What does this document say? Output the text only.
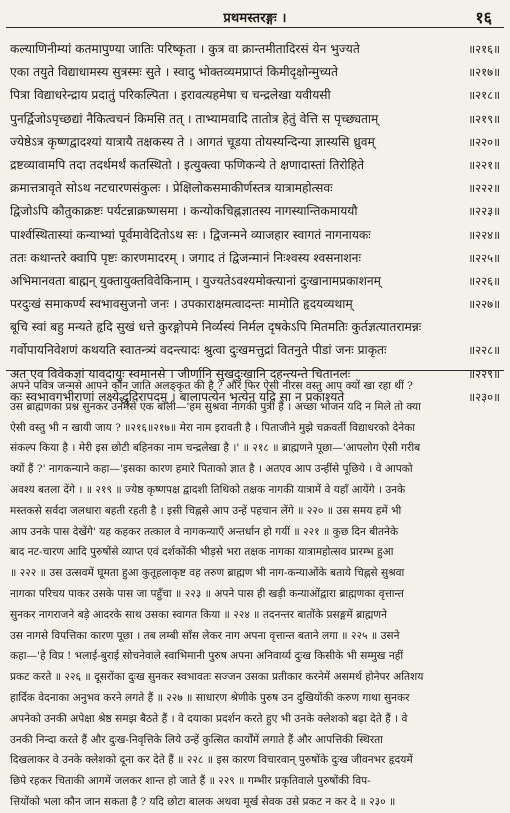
प्रथमस्तरङ्गः ।	१६
कल्याणिनीम्यां कतमापुण्या जातिः परिष्कृता । कुत्र वा क्रान्तमीतादिरसं येन भुज्यते	॥२१६॥
एका तयुते विद्याधामस्य सुत्रस्मः सुते । स्वादु भोक्तव्यमप्राप्तं किमीदृक्षोन्मुच्यते	॥२१७॥
पित्रा विद्याधरेन्द्राय प्रदातुं परिकल्पिता । इरावत्यहमेषा च चन्द्रलेखा यवीयसी	॥२१८॥
पुनर्द्विजोऽपृच्छद्यां नैकित्वचनं किमसि तत् । ताभ्यामवादि तातोत्र हेतुं वेत्ति स पृच्छ्यताम्	॥२१९॥
ज्येष्ठेऽत्र कृष्णद्वादश्यां यात्रायै तक्षकस्य ते । आगतं चूडया तोयस्यन्दिन्या ज्ञास्यसि ध्रुवम्	॥२२०॥
द्रष्टव्यावामपि तदा तदर्थमर्थं कतस्थितो । इत्युक्त्वा फणिकन्ये ते क्षणादास्तां तिरोहिते	॥२२१॥
क्रमात्तत्रावृते सोऽथ नटचारणसंकुलः । प्रेक्षिलोकसमाकीर्णस्तत्र यात्रामहोत्सवः	॥२२२॥
द्विजोऽपि कौतुकाक्रष्टः पर्यटन्नाक्रष्णसमा । कन्योकचिह्नज्ञातस्य नागस्यान्तिकमाययौ	॥२२३॥
पार्श्वस्थितास्यां कन्याभ्यां पूर्वमावेदितोऽथ सः । द्विजन्मने व्याजहार स्वागतं नागनायकः	॥२२४॥
ततः कथान्तरे क्वापि पृष्टः कारणमादरम् । जगाद तं द्विजन्मानं निःश्वस्य श्वसनाशनः	॥२२५॥
अभिमानवता बाह्मन् युक्तायुक्तविवेकिनाम् । युज्यतेऽवश्यमोक्त्यानां दुःखानामप्रकाशनम्	॥२२६॥
परदुःखं समाकर्ण्य स्वभावसुजनो जनः । उपकाराक्षमत्वादन्तः मामोति हृदयव्यथाम्	॥२२७॥
बूचि स्वां बहु मन्यते हृदि सुखं धत्ते कुरङ्गोपमे निर्व्यस्यं निर्मल दृषकेऽपि मितमतिः कुर्तज्ञत्यातरामन्नः
गर्वोपायनिवेशणं कथयति स्वातन्त्र्यं वदन्त्यादः श्रुत्वा दुःखमत्तुद्रां वितनुते पीडां जनः प्राकृतः	॥२२८॥
अत एव विवेकज्ञां यावदायुः स्वमानसे । जीर्णानि सुखदुःखानि दहन्त्यन्ते चितानलः	॥२२९॥
कः स्वभावगभीराणां लक्ष्येद्धृदिरापदम् । बालापत्येन भृत्येन यदि सा न प्रकाश्यते	॥२३०॥
अपने पवित्र जन्मसे आपने कौन जाति अलङ्कृत की है ? और फिर ऐसी नीरस वस्तु आप क्यों खा रहा थीं ?
उस ब्राह्मणका प्रश्न सुनकर उनमेंसे एक बोली—'हम सुश्रवा नागकी पुत्री हैं । अच्छा भोजन यदि न मिले तो क्या
ऐसी वस्तु भी न खायी जाय ? ॥२१६॥२१७॥ मेरा नाम इरावती है । पिताजीने मुझे चक्रवर्ती विद्याधरको देनेका
संकल्प किया है । मेरी इस छोटी बहिनका नाम चन्द्रलेखा है ।' ॥ २१८ ॥ ब्राह्मणने पूछा—'आपलोग ऐसी गरीब
क्यों हैं ?' नागकन्याने कहा—'इसका कारण हमारे पिताको ज्ञात है । अतएव आप उन्हींसे पूछिये । वे आपको
अवश्य बतला देंगे । ॥ २१९ ॥ ज्येष्ठ कृष्णपक्ष द्वादशी तिथिको तक्षक नागकी यात्रामें वे यहाँ आयेंगे । उनके
मस्तकसे सर्वदा जलधारा बहती रहती है । इसी चिह्नसे आप उन्हें पहचान लेंगे ॥ २२० ॥ उस समय हमें भी
आप उनके पास देखेंगे' यह कहकर तत्काल वे नागकन्याएँ अन्तर्धान हो गयीं ॥ २२१ ॥ कुछ दिन बीतनेके
बाद नट-चारण आदि पुरुषोंसे व्याप्त एवं दर्शकोंकी भीड़से भरा तक्षक नागका यात्रामहोत्सव प्रारम्भ हुआ
॥ २२२ ॥ उस उत्सवमें घूमता हुआ कुतूहलाकृष्ट वह तरुण ब्राह्मण भी नाग-कन्याओंके बताये चिह्नसे सुश्रवा
नागका परिचय पाकर उसके पास जा पहुँचा ॥ २२३ ॥ अपने पास ही खड़ी कन्याओंद्वारा ब्राह्मणका वृत्तान्त
सुनकर नागराजने बड़े आदरके साथ उसका स्वागत किया ॥ २२४ ॥ तदनन्तर बातोंके प्रसङ्गमें ब्राह्मणने
उस नागसे विपत्तिका कारण पूछा । तब लम्बी साँस लेकर नाग अपना वृत्तान्त बताने लगा ॥ २२५ ॥ उसने
कहा—'हे विप्र ! भलाई-बुराई सोचनेवाले स्वाभिमानी पुरुष अपना अनिवार्य्य दुःख किसीके भी सम्मुख नहीं
प्रकट करते ॥ २२६ ॥ दूसरोंका दुःख सुनकर स्वभावतः सज्जन उसका प्रतीकार करनेमें असमर्थ होनेपर अतिशय
हार्दिक वेदनाका अनुभव करने लगते हैं ॥ २२७ ॥ साधारण श्रेणीके पुरुष उन दुखियोंकी करुण गाथा सुनकर
अपनेको उनकी अपेक्षा श्रेष्ठ समझ बैठते हैं । वे दयाका प्रदर्शन करते हुए भी उनके क्लेशको बढ़ा देते हैं । वे
उनकी निन्दा करते हैं और दुःख-निवृत्तिके लिये उन्हें कुत्सित कार्योंमें लगाते हैं और आपत्तिकी स्थिरता
दिखलाकर वे उनके क्लेशको दूना कर देते हैं ॥ २२८ ॥ इस कारण विचारवान् पुरुषोंके दुःख जीवनभर हृदयमें
छिपे रहकर चिताकी आगमें जलकर शान्त हो जाते हैं ॥ २२९ ॥ गम्भीर प्रकृतिवाले पुरुषोंकी विप-
त्तियोंको भला कौन जान सकता है ? यदि छोटा बालक अथवा मूर्ख सेवक उसे प्रकट न कर दे ॥ २३० ॥
